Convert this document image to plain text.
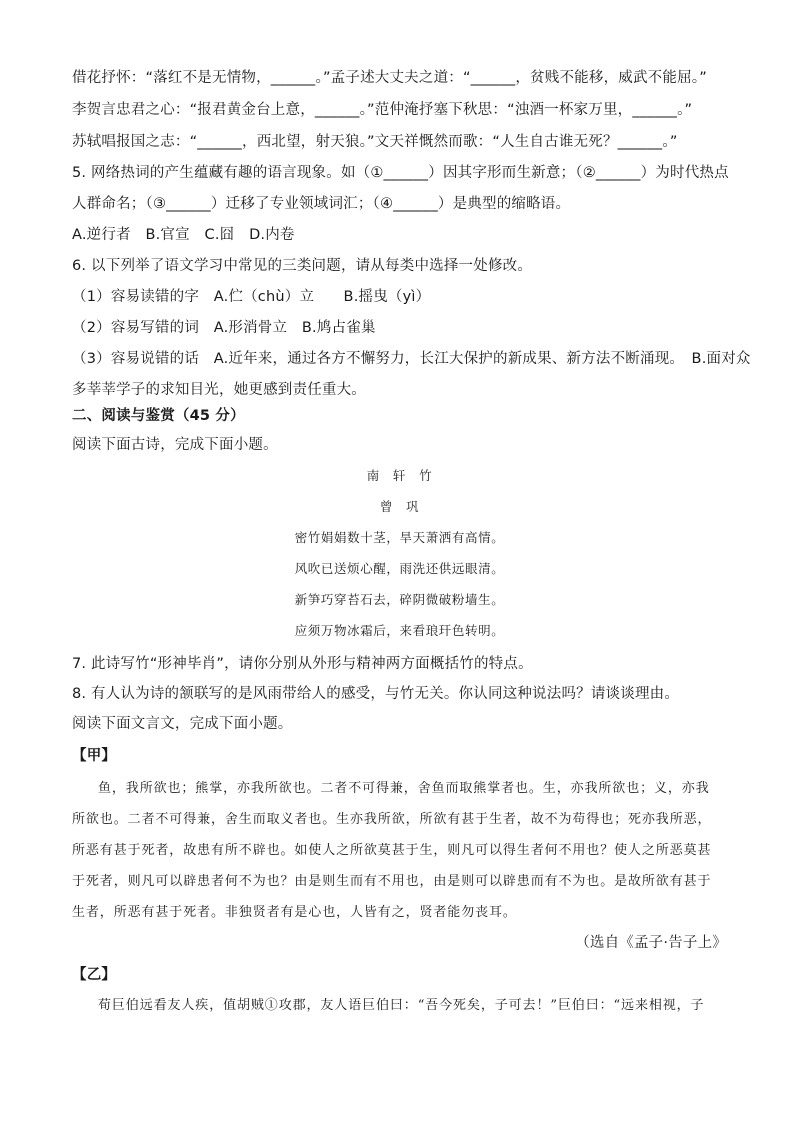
借花抒怀：“落红不是无情物，______。”孟子述大丈夫之道：“______，贫贱不能移，威武不能屈。”
李贺言忠君之心：“报君黄金台上意，______。”范仲淹抒塞下秋思：“浊酒一杯家万里，______。”
苏轼唱报国之志：“______，西北望，射天狼。”文天祥慨然而歌：“人生自古谁无死？______。”
5. 网络热词的产生蕴藏有趣的语言现象。如（①______）因其字形而生新意；（②______）为时代热点
人群命名；（③______）迁移了专业领域词汇；（④______）是典型的缩略语。
A.逆行者　B.官宣　C.囧　D.内卷
6. 以下列举了语文学习中常见的三类问题，请从每类中选择一处修改。
（1）容易读错的字　A.伫（chù）立　　B.摇曳（yì）
（2）容易写错的词　A.形消骨立　B.鸠占雀巢
（3）容易说错的话　A.近年来，通过各方不懈努力，长江大保护的新成果、新方法不断涌现。　B.面对众
多莘莘学子的求知目光，她更感到责任重大。
二、阅读与鉴赏（45 分）
阅读下面古诗，完成下面小题。
南　轩　竹
曾　巩
密竹娟娟数十茎，旱天萧洒有高情。
风吹已送烦心醒，雨洗还供远眼清。
新笋巧穿苔石去，碎阴微破粉墙生。
应须万物冰霜后，来看琅玕色转明。
7. 此诗写竹“形神毕肖”，请你分别从外形与精神两方面概括竹的特点。
8. 有人认为诗的颔联写的是风雨带给人的感受，与竹无关。你认同这种说法吗？请谈谈理由。
阅读下面文言文，完成下面小题。
【甲】
鱼，我所欲也；熊掌，亦我所欲也。二者不可得兼，舍鱼而取熊掌者也。生，亦我所欲也；义，亦我
所欲也。二者不可得兼，舍生而取义者也。生亦我所欲，所欲有甚于生者，故不为苟得也；死亦我所恶，
所恶有甚于死者，故患有所不辟也。如使人之所欲莫甚于生，则凡可以得生者何不用也？使人之所恶莫甚
于死者，则凡可以辟患者何不为也？由是则生而有不用也，由是则可以辟患而有不为也。是故所欲有甚于
生者，所恶有甚于死者。非独贤者有是心也，人皆有之，贤者能勿丧耳。
（选自《孟子·告子上》
【乙】
荀巨伯远看友人疾，值胡贼①攻郡，友人语巨伯曰：“吾今死矣，子可去！”巨伯曰：“远来相视，子
